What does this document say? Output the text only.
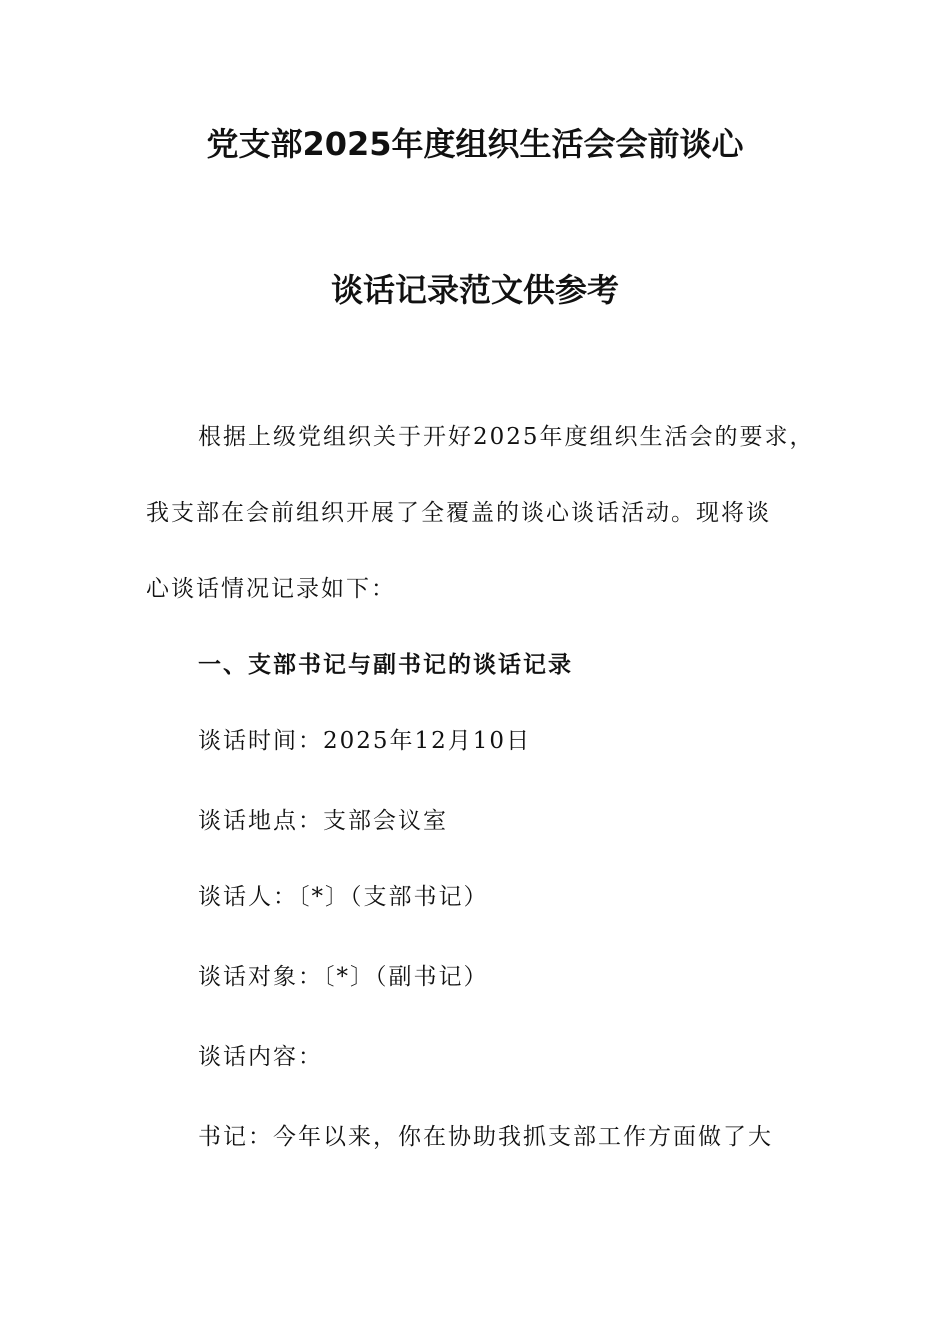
党支部2025年度组织生活会会前谈心
谈话记录范文供参考
根据上级党组织关于开好2025年度组织生活会的要求，
我支部在会前组织开展了全覆盖的谈心谈话活动。现将谈
心谈话情况记录如下：
一、支部书记与副书记的谈话记录
谈话时间：2025年12月10日
谈话地点：支部会议室
谈话人：〔*〕（支部书记）
谈话对象：〔*〕（副书记）
谈话内容：
书记：今年以来，你在协助我抓支部工作方面做了大
